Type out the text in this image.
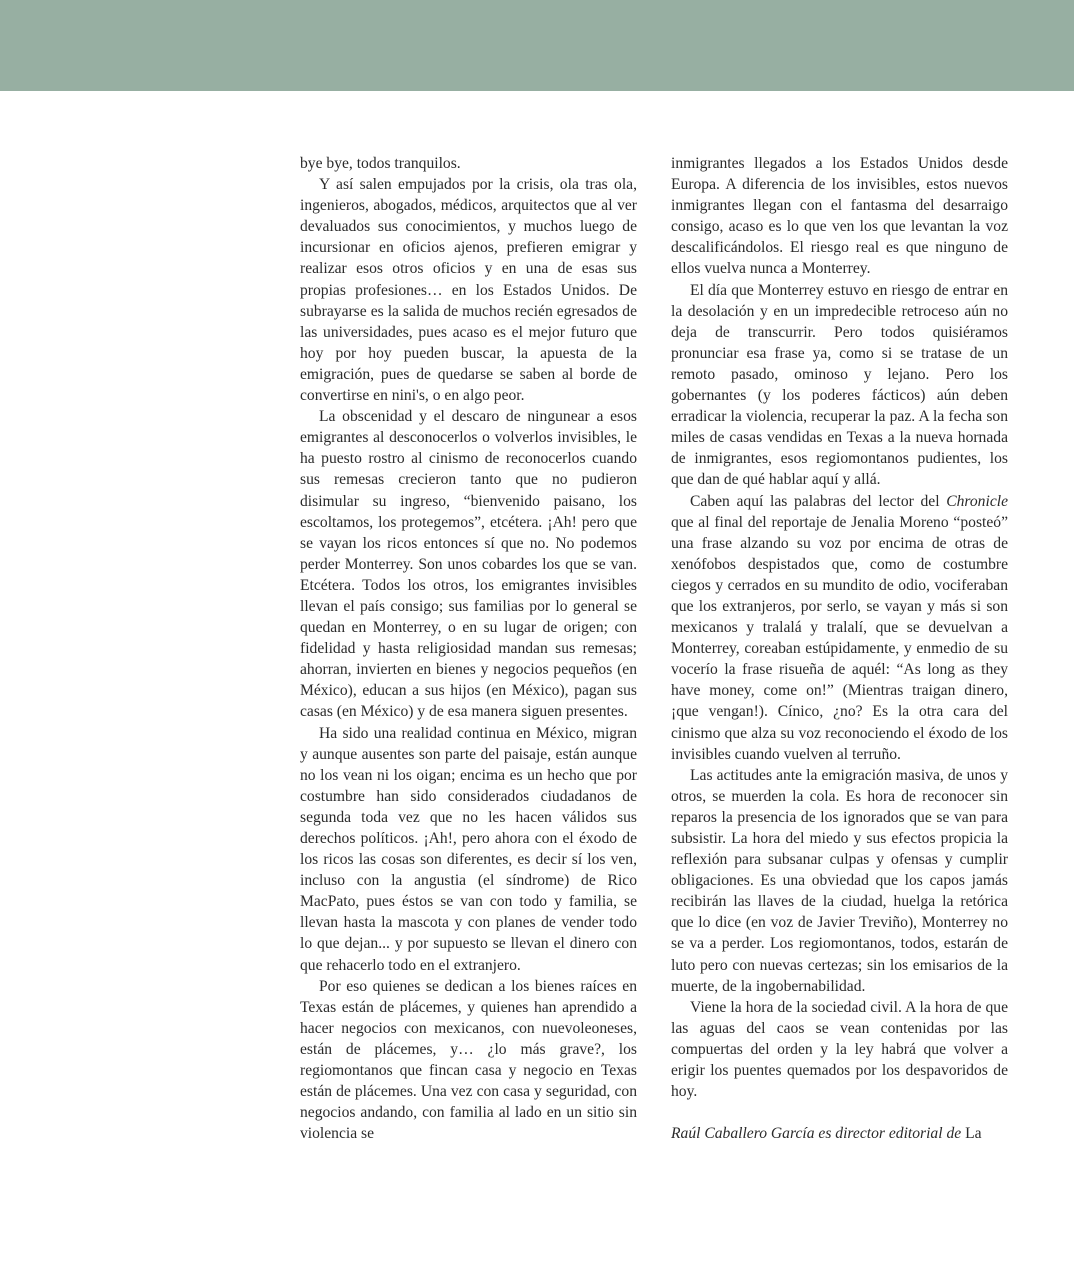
bye bye, todos tranquilos.

Y así salen empujados por la crisis, ola tras ola, ingenieros, abogados, médicos, arquitectos que al ver devaluados sus conocimientos, y muchos luego de incursionar en oficios ajenos, prefieren emigrar y realizar esos otros oficios y en una de esas sus propias profesiones… en los Estados Unidos. De subrayarse es la salida de muchos recién egresados de las universidades, pues acaso es el mejor futuro que hoy por hoy pueden buscar, la apuesta de la emigración, pues de quedarse se saben al borde de convertirse en nini's, o en algo peor.

La obscenidad y el descaro de ningunear a esos emigrantes al desconocerlos o volverlos invisibles, le ha puesto rostro al cinismo de reconocerlos cuando sus remesas crecieron tanto que no pudieron disimular su ingreso, “bienvenido paisano, los escoltamos, los protegemos”, etcétera. ¡Ah! pero que se vayan los ricos entonces sí que no. No podemos perder Monterrey. Son unos cobardes los que se van. Etcétera. Todos los otros, los emigrantes invisibles llevan el país consigo; sus familias por lo general se quedan en Monterrey, o en su lugar de origen; con fidelidad y hasta religiosidad mandan sus remesas; ahorran, invierten en bienes y negocios pequeños (en México), educan a sus hijos (en México), pagan sus casas (en México) y de esa manera siguen presentes.

Ha sido una realidad continua en México, migran y aunque ausentes son parte del paisaje, están aunque no los vean ni los oigan; encima es un hecho que por costumbre han sido considerados ciudadanos de segunda toda vez que no les hacen válidos sus derechos políticos. ¡Ah!, pero ahora con el éxodo de los ricos las cosas son diferentes, es decir sí los ven, incluso con la angustia (el síndrome) de Rico MacPato, pues éstos se van con todo y familia, se llevan hasta la mascota y con planes de vender todo lo que dejan... y por supuesto se llevan el dinero con que rehacerlo todo en el extranjero.

Por eso quienes se dedican a los bienes raíces en Texas están de plácemes, y quienes han aprendido a hacer negocios con mexicanos, con nuevoleoneses, están de plácemes, y… ¿lo más grave?, los regiomontanos que fincan casa y negocio en Texas están de plácemes. Una vez con casa y seguridad, con negocios andando, con familia al lado en un sitio sin violencia se

inmigrantes llegados a los Estados Unidos desde Europa. A diferencia de los invisibles, estos nuevos inmigrantes llegan con el fantasma del desarraigo consigo, acaso es lo que ven los que levantan la voz descalificándolos. El riesgo real es que ninguno de ellos vuelva nunca a Monterrey.

El día que Monterrey estuvo en riesgo de entrar en la desolación y en un impredecible retroceso aún no deja de transcurrir. Pero todos quisiéramos pronunciar esa frase ya, como si se tratase de un remoto pasado, ominoso y lejano. Pero los gobernantes (y los poderes fácticos) aún deben erradicar la violencia, recuperar la paz. A la fecha son miles de casas vendidas en Texas a la nueva hornada de inmigrantes, esos regiomontanos pudientes, los que dan de qué hablar aquí y allá.

Caben aquí las palabras del lector del Chronicle que al final del reportaje de Jenalia Moreno “posteó” una frase alzando su voz por encima de otras de xenófobos despistados que, como de costumbre ciegos y cerrados en su mundito de odio, vociferaban que los extranjeros, por serlo, se vayan y más si son mexicanos y tralalá y tralalí, que se devuelvan a Monterrey, coreaban estúpidamente, y enmedio de su vocerío la frase risueña de aquél: “As long as they have money, come on!” (Mientras traigan dinero, ¡que vengan!). Cínico, ¿no? Es la otra cara del cinismo que alza su voz reconociendo el éxodo de los invisibles cuando vuelven al terruño.

Las actitudes ante la emigración masiva, de unos y otros, se muerden la cola. Es hora de reconocer sin reparos la presencia de los ignorados que se van para subsistir. La hora del miedo y sus efectos propicia la reflexión para subsanar culpas y ofensas y cumplir obligaciones. Es una obviedad que los capos jamás recibirán las llaves de la ciudad, huelga la retórica que lo dice (en voz de Javier Treviño), Monterrey no se va a perder. Los regiomontanos, todos, estarán de luto pero con nuevas certezas; sin los emisarios de la muerte, de la ingobernabilidad.

Viene la hora de la sociedad civil. A la hora de que las aguas del caos se vean contenidas por las compuertas del orden y la ley habrá que volver a erigir los puentes quemados por los despavoridos de hoy.

Raúl Caballero García es director editorial de La
